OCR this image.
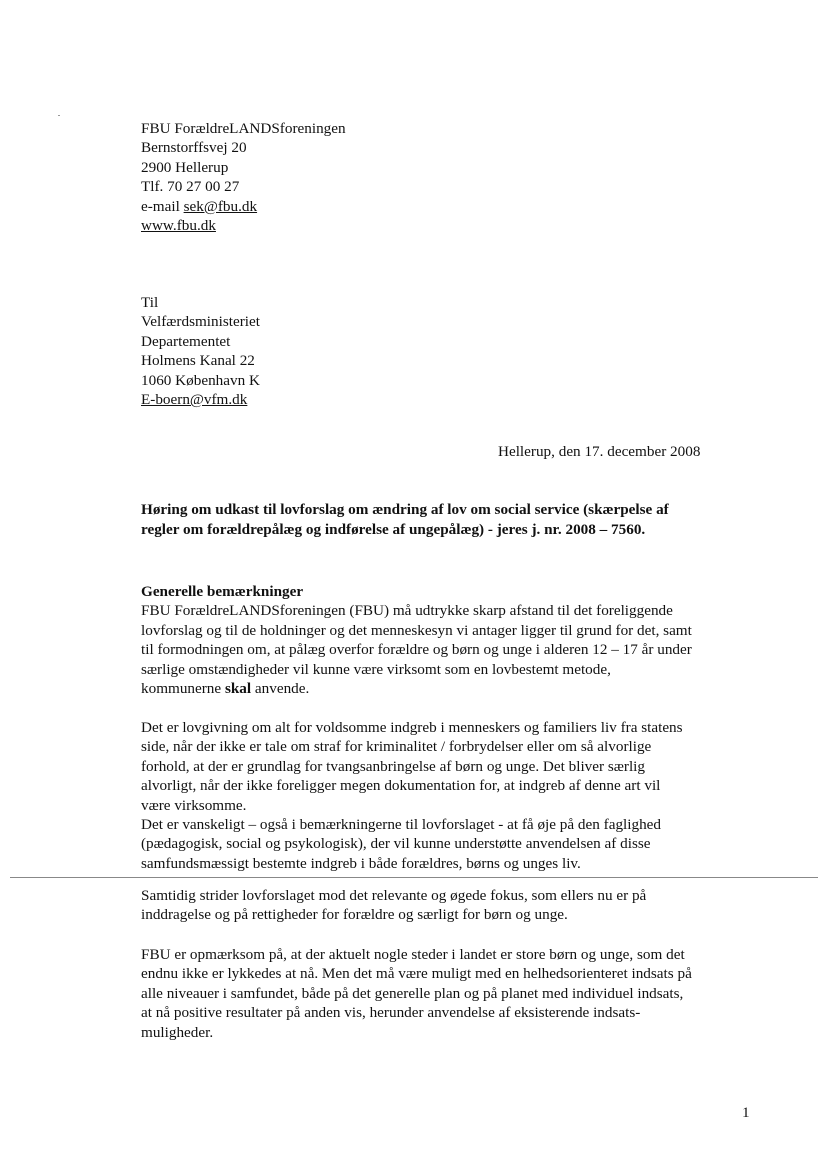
FBU ForældreLANDSforeningen
Bernstorffsvej 20
2900 Hellerup
Tlf. 70 27 00 27
e-mail sek@fbu.dk
www.fbu.dk
Til
Velfærdsministeriet
Departementet
Holmens Kanal 22
1060 København K
E-boern@vfm.dk
Hellerup, den 17. december 2008
Høring om udkast til lovforslag om ændring af lov om social service (skærpelse af
regler om forældrepålæg og indførelse af ungepålæg) - jeres j. nr. 2008 – 7560.
Generelle bemærkninger
FBU ForældreLANDSforeningen (FBU) må udtrykke skarp afstand til det foreliggende
lovforslag og til de holdninger og det menneskesyn vi antager ligger til grund for det, samt
til formodningen om, at pålæg overfor forældre og børn og unge i alderen 12 – 17 år under
særlige omstændigheder vil kunne være virksomt som en lovbestemt metode,
kommunerne skal anvende.
Det er lovgivning om alt for voldsomme indgreb i menneskers og familiers liv fra statens
side, når der ikke er tale om straf for kriminalitet / forbrydelser eller om så alvorlige
forhold, at der er grundlag for tvangsanbringelse af børn og unge. Det bliver særlig
alvorligt, når der ikke foreligger megen dokumentation for, at indgreb af denne art vil
være virksomme.
Det er vanskeligt – også i bemærkningerne til lovforslaget - at få øje på den faglighed
(pædagogisk, social og psykologisk), der vil kunne understøtte anvendelsen af disse
samfundsmæssigt bestemte indgreb i både forældres, børns og unges liv.
Samtidig strider lovforslaget mod det relevante og øgede fokus, som ellers nu er på
inddragelse og på rettigheder for forældre og særligt for børn og unge.
FBU er opmærksom på, at der aktuelt nogle steder i landet er store børn og unge, som det
endnu ikke er lykkedes at nå. Men det må være muligt med en helhedsorienteret indsats på
alle niveauer i samfundet, både på det generelle plan og på planet med individuel indsats,
at nå positive resultater på anden vis, herunder anvendelse af eksisterende indsats-
muligheder.
1
